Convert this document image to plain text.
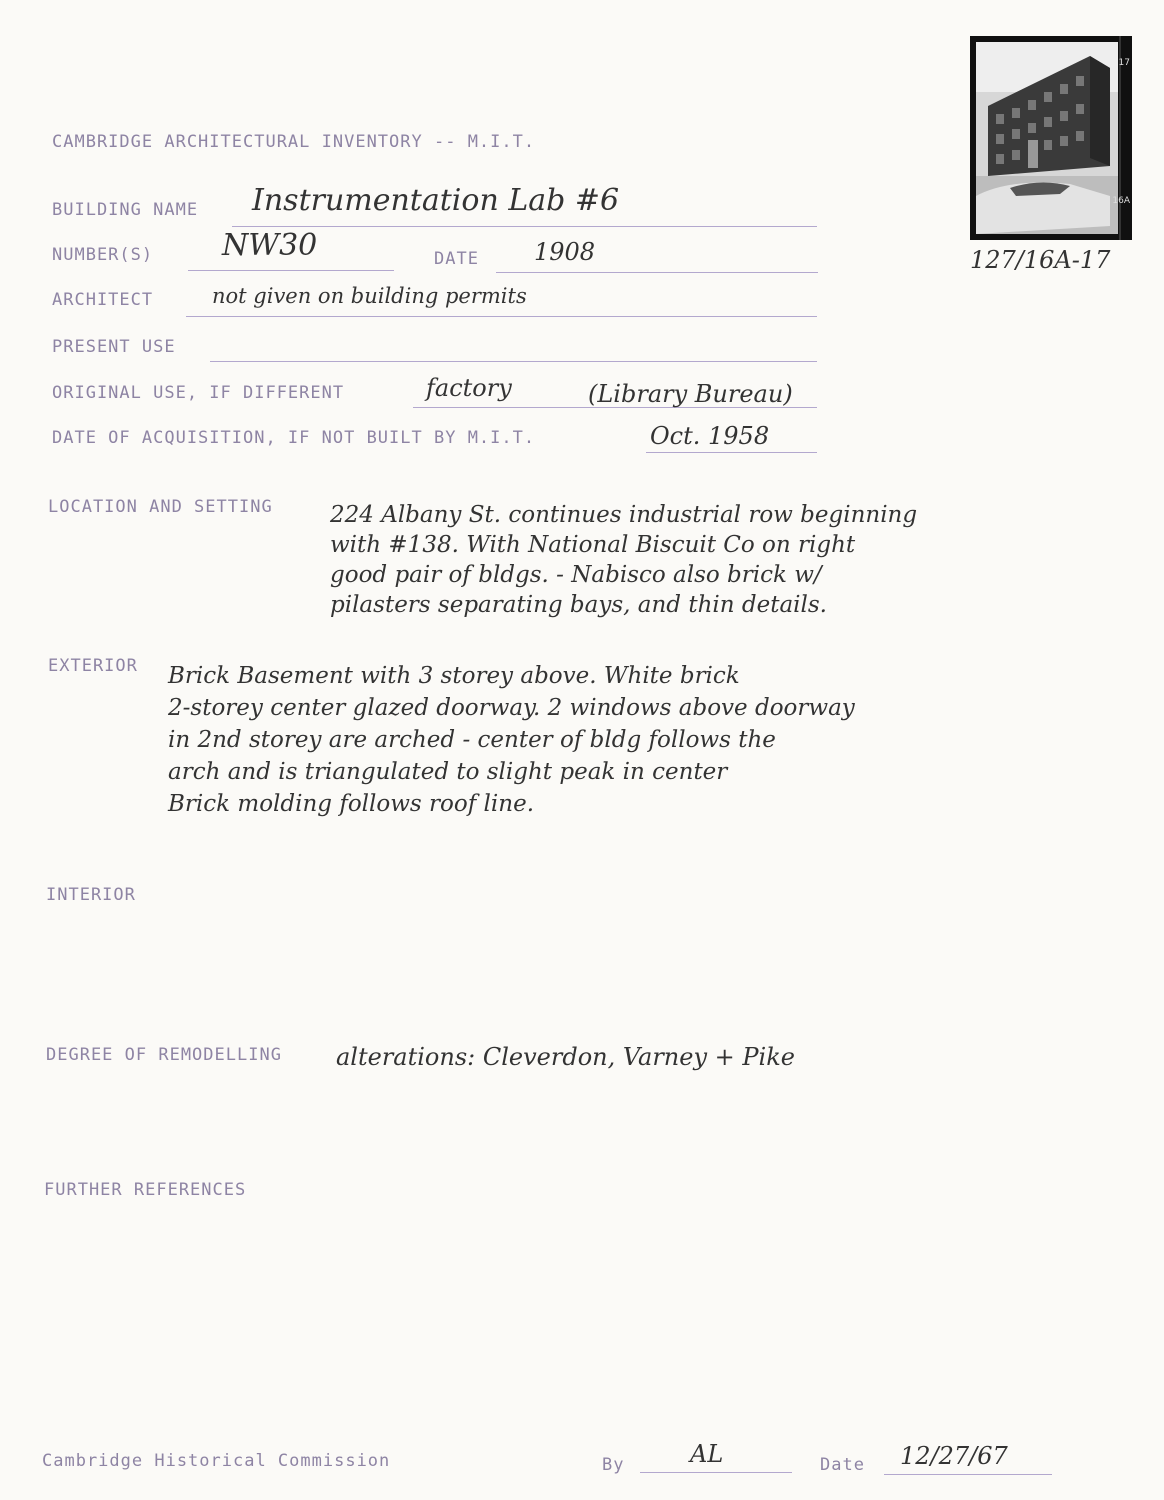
CAMBRIDGE ARCHITECTURAL INVENTORY -- M.I.T.
BUILDING NAME Instrumentation Lab #6
NUMBER(S) NW30	DATE 1908
ARCHITECT	not given on building permits
PRESENT USE
ORIGINAL USE, IF DIFFERENT	factory	(Library Bureau)
DATE OF ACQUISITION, IF NOT BUILT BY M.I.T.	Oct. 1958
LOCATION AND SETTING 224 Albany St. continues industrial row beginning
with #138. With National Biscuit Co on right
good pair of bldgs. - Nabisco also brick w/
pilasters separating bays, and thin details.
EXTERIOR Brick Basement with 3 storey above. White brick
2-storey center glazed doorway. 2 windows above doorway
in 2nd storey are arched - center of bldg follows the
arch and is triangulated to slight peak in center
Brick molding follows roof line.
INTERIOR
DEGREE OF REMODELLING alterations: Cleverdon, Varney + Pike
FURTHER REFERENCES
17
16A
127/16A-17
Cambridge Historical Commission	By	AL	Date 12/27/67
